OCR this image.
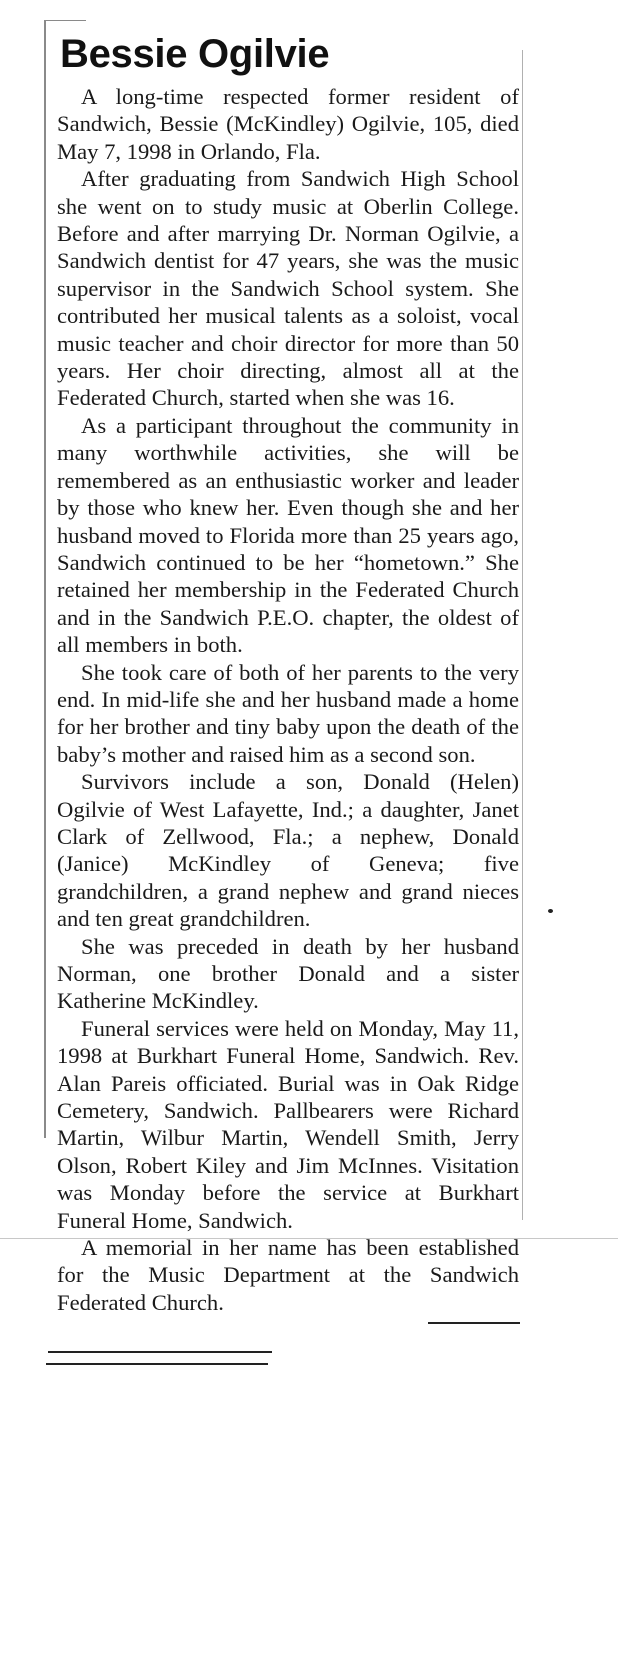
Bessie Ogilvie

A long-time respected former resident of Sandwich, Bessie (McKindley) Ogilvie, 105, died May 7, 1998 in Orlando, Fla.

After graduating from Sandwich High School she went on to study music at Oberlin College. Before and after marrying Dr. Norman Ogilvie, a Sandwich dentist for 47 years, she was the music supervisor in the Sandwich School system. She contributed her musical talents as a soloist, vocal music teacher and choir director for more than 50 years. Her choir directing, almost all at the Federated Church, started when she was 16.

As a participant throughout the community in many worthwhile activities, she will be remembered as an enthusiastic worker and leader by those who knew her. Even though she and her husband moved to Florida more than 25 years ago, Sandwich continued to be her “hometown.” She retained her membership in the Federated Church and in the Sandwich P.E.O. chapter, the oldest of all members in both.

She took care of both of her parents to the very end. In mid-life she and her husband made a home for her brother and tiny baby upon the death of the baby’s mother and raised him as a second son.

Survivors include a son, Donald (Helen) Ogilvie of West Lafayette, Ind.; a daughter, Janet Clark of Zellwood, Fla.; a nephew, Donald (Janice) McKindley of Geneva; five grandchildren, a grand nephew and grand nieces and ten great grandchildren.

She was preceded in death by her husband Norman, one brother Donald and a sister Katherine McKindley.

Funeral services were held on Monday, May 11, 1998 at Burkhart Funeral Home, Sandwich. Rev. Alan Pareis officiated. Burial was in Oak Ridge Cemetery, Sandwich. Pallbearers were Richard Martin, Wilbur Martin, Wendell Smith, Jerry Olson, Robert Kiley and Jim McInnes. Visitation was Monday before the service at Burkhart Funeral Home, Sandwich.

A memorial in her name has been established for the Music Department at the Sandwich Federated Church.
